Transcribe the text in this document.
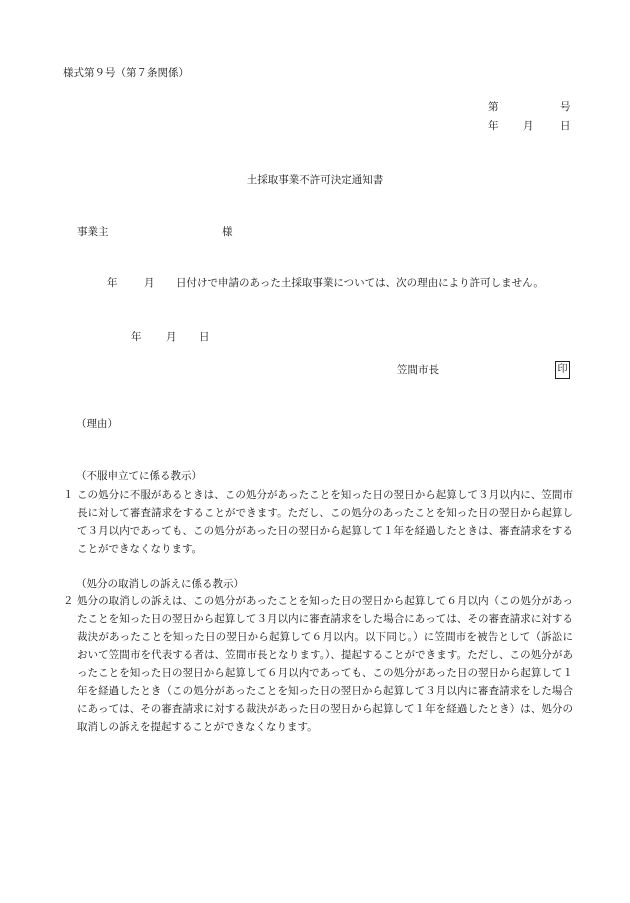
様式第９号（第７条関係）
第	号
年 月	日
土採取事業不許可決定通知書
事業主	様
年	月 日付けで申請のあった土採取事業については、次の理由により許可しません。
年 月 日
笠間市長	印
（理由）
（不服申立てに係る教示）
１ この処分に不服があるときは、この処分があったことを知った日の翌日から起算して３月以内に、笠間市長に対して審査請求をすることができます。ただし、この処分のあったことを知った日の翌日から起算して３月以内であっても、この処分があった日の翌日から起算して１年を経過したときは、審査請求をすることができなくなります。
（処分の取消しの訴えに係る教示）
２ 処分の取消しの訴えは、この処分があったことを知った日の翌日から起算して６月以内（この処分があったことを知った日の翌日から起算して３月以内に審査請求をした場合にあっては、その審査請求に対する裁決があったことを知った日の翌日から起算して６月以内。以下同じ。）に笠間市を被告として（訴訟において笠間市を代表する者は、笠間市長となります。）、提起することができます。ただし、この処分があったことを知った日の翌日から起算して６月以内であっても、この処分があった日の翌日から起算して１年を経過したとき（この処分があったことを知った日の翌日から起算して３月以内に審査請求をした場合にあっては、その審査請求に対する裁決があった日の翌日から起算して１年を経過したとき）は、処分の取消しの訴えを提起することができなくなります。
